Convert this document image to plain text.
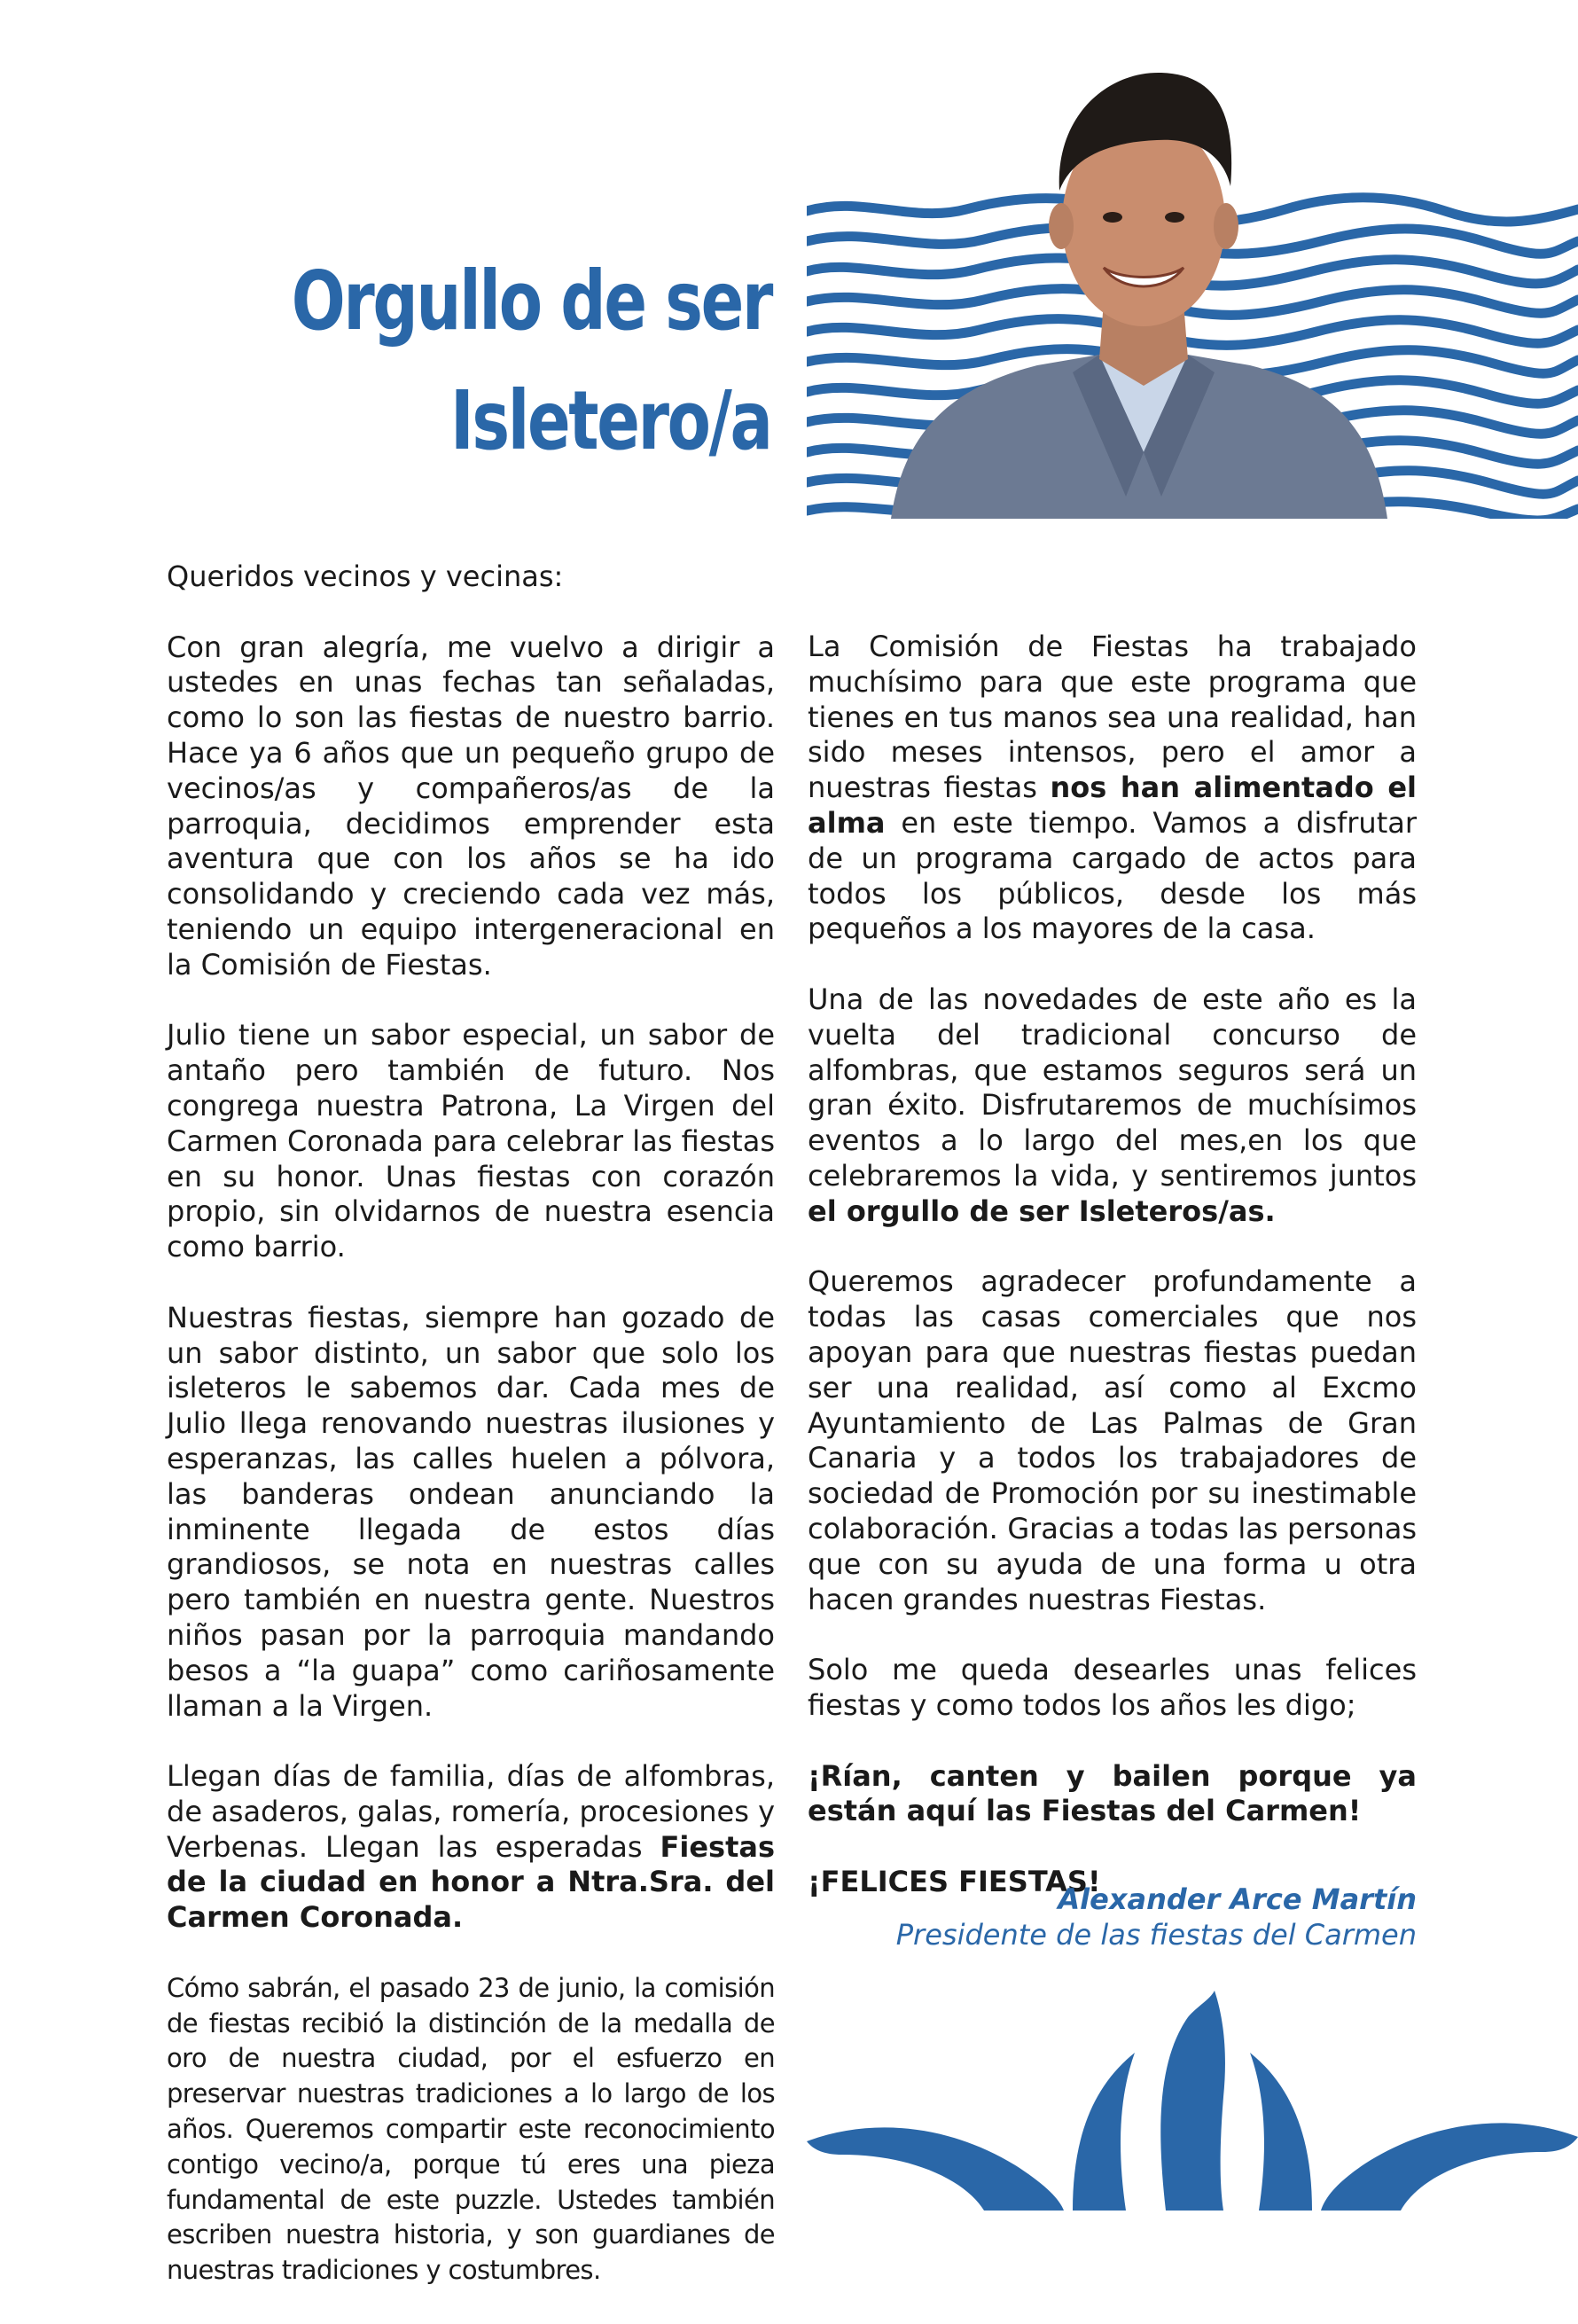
Orgullo de ser
Isletero/a

Queridos vecinos y vecinas:

Con gran alegría, me vuelvo a dirigir a ustedes en unas fechas tan señaladas, como lo son las fiestas de nuestro barrio. Hace ya 6 años que un pequeño grupo de vecinos/as y compañeros/as de la parroquia, decidimos emprender esta aventura que con los años se ha ido consolidando y creciendo cada vez más, teniendo un equipo intergeneracional en la Comisión de Fiestas.

Julio tiene un sabor especial, un sabor de antaño pero también de futuro. Nos congrega nuestra Patrona, La Virgen del Carmen Coronada para celebrar las fiestas en su honor. Unas fiestas con corazón propio, sin olvidarnos de nuestra esencia como barrio.

Nuestras fiestas, siempre han gozado de un sabor distinto, un sabor que solo los isleteros le sabemos dar. Cada mes de Julio llega renovando nuestras ilusiones y esperanzas, las calles huelen a pólvora, las banderas ondean anunciando la inminente llegada de estos días grandiosos, se nota en nuestras calles pero también en nuestra gente. Nuestros niños pasan por la parroquia mandando besos a “la guapa” como cariñosamente llaman a la Virgen.

Llegan días de familia, días de alfombras, de asaderos, galas, romería, procesiones y Verbenas. Llegan las esperadas Fiestas de la ciudad en honor a Ntra.Sra. del Carmen Coronada.

Cómo sabrán, el pasado 23 de junio, la comisión de fiestas recibió la distinción de la medalla de oro de nuestra ciudad, por el esfuerzo en preservar nuestras tradiciones a lo largo de los años. Queremos compartir este reconocimiento contigo vecino/a, porque tú eres una pieza fundamental de este puzzle. Ustedes también escriben nuestra historia, y son guardianes de nuestras tradiciones y costumbres.

La Comisión de Fiestas ha trabajado muchísimo para que este programa que tienes en tus manos sea una realidad, han sido meses intensos, pero el amor a nuestras fiestas nos han alimentado el alma en este tiempo. Vamos a disfrutar de un programa cargado de actos para todos los públicos, desde los más pequeños a los mayores de la casa.

Una de las novedades de este año es la vuelta del tradicional concurso de alfombras, que estamos seguros será un gran éxito. Disfrutaremos de muchísimos eventos a lo largo del mes,en los que celebraremos la vida, y sentiremos juntos el orgullo de ser Isleteros/as.

Queremos agradecer profundamente a todas las casas comerciales que nos apoyan para que nuestras fiestas puedan ser una realidad, así como al Excmo Ayuntamiento de Las Palmas de Gran Canaria y a todos los trabajadores de sociedad de Promoción por su inestimable colaboración. Gracias a todas las personas que con su ayuda de una forma u otra hacen grandes nuestras Fiestas.

Solo me queda desearles unas felices fiestas y como todos los años les digo;

¡Rían, canten y bailen porque ya están aquí las Fiestas del Carmen!

¡FELICES FIESTAS!

Alexander Arce Martín
Presidente de las fiestas del Carmen
